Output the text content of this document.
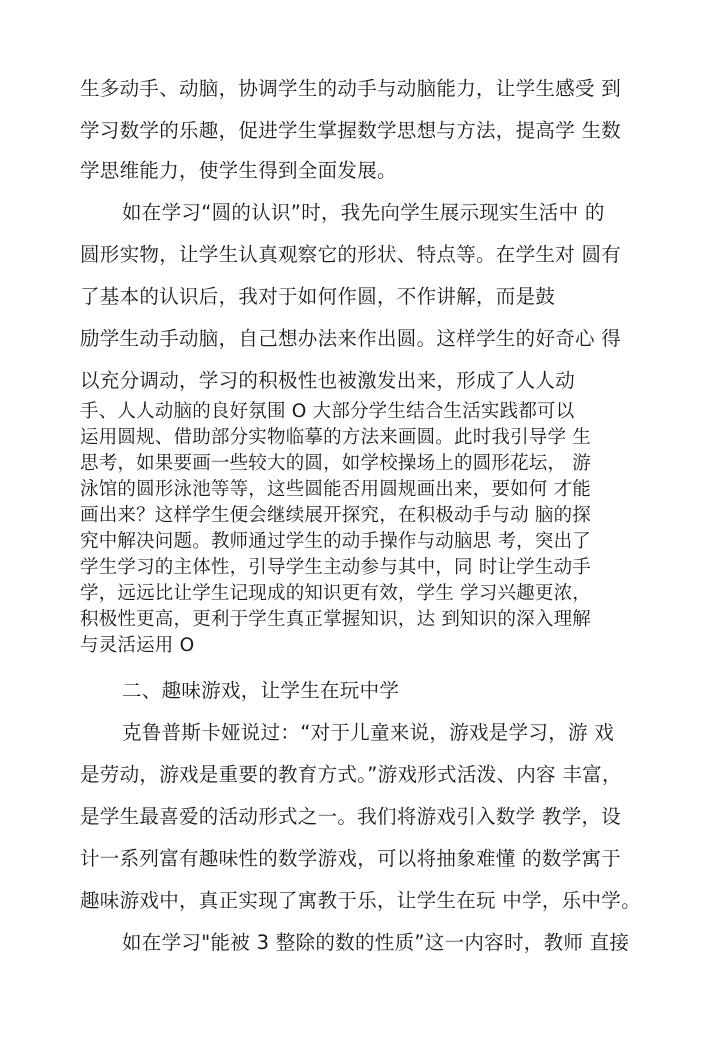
生多动手、动脑，协调学生的动手与动脑能力，让学生感受 到
学习数学的乐趣，促进学生掌握数学思想与方法，提高学 生数
学思维能力，使学生得到全面发展。
如在学习“圆的认识”时，我先向学生展示现实生活中 的
圆形实物，让学生认真观察它的形状、特点等。在学生对 圆有
了基本的认识后，我对于如何作圆，不作讲解，而是鼓
励学生动手动脑，自己想办法来作出圆。这样学生的好奇心 得
以充分调动，学习的积极性也被激发出来，形成了人人动
手、人人动脑的良好氛围 O 大部分学生结合生活实践都可以
运用圆规、借助部分实物临摹的方法来画圆。此时我引导学 生
思考，如果要画一些较大的圆，如学校操场上的圆形花坛， 游
泳馆的圆形泳池等等，这些圆能否用圆规画出来，要如何 才能
画出来？这样学生便会继续展开探究，在积极动手与动 脑的探
究中解决问题。教师通过学生的动手操作与动脑思 考，突出了
学生学习的主体性，引导学生主动参与其中，同 时让学生动手
学，远远比让学生记现成的知识更有效，学生 学习兴趣更浓，
积极性更高，更利于学生真正掌握知识，达 到知识的深入理解
与灵活运用 O
二、趣味游戏，让学生在玩中学
克鲁普斯卡娅说过：“对于儿童来说，游戏是学习，游 戏
是劳动，游戏是重要的教育方式。”游戏形式活泼、内容 丰富，
是学生最喜爱的活动形式之一。我们将游戏引入数学 教学，设
计一系列富有趣味性的数学游戏，可以将抽象难懂 的数学寓于
趣味游戏中，真正实现了寓教于乐，让学生在玩 中学，乐中学。
如在学习"能被 3 整除的数的性质”这一内容时，教师 直接
